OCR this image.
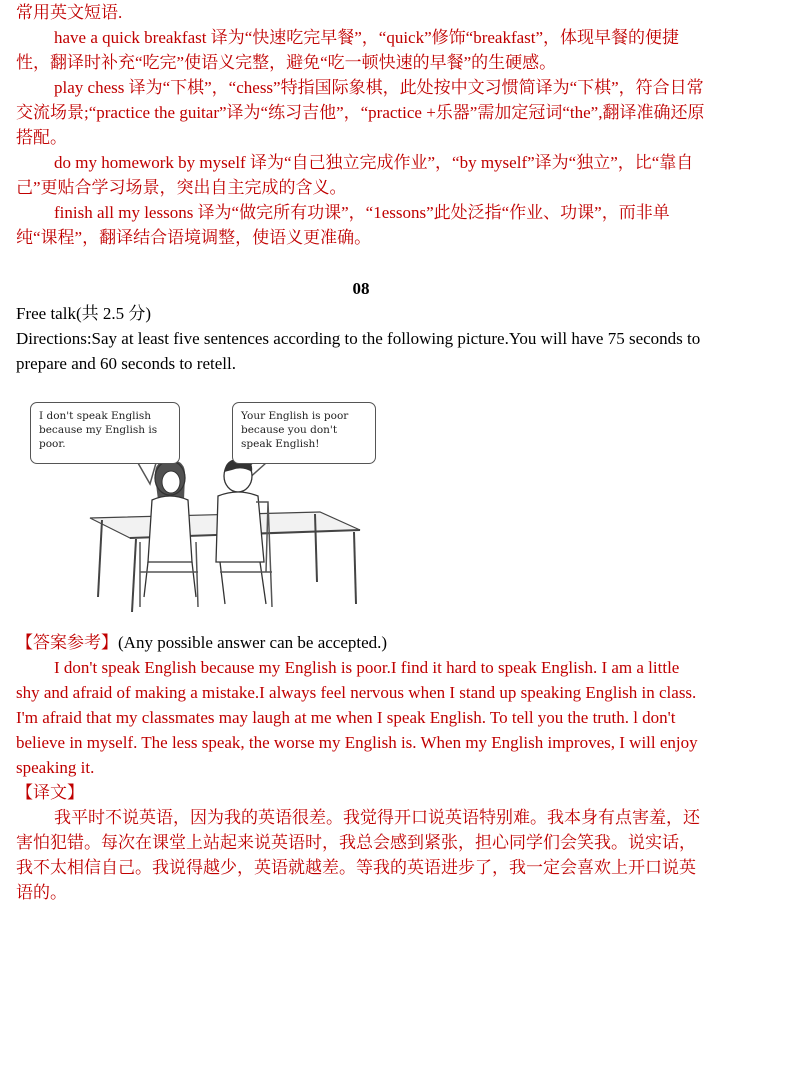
常用英文短语.

have a quick breakfast 译为“快速吃完早餐”，“quick”修饰“breakfast”，体现早餐的便捷性，翻译时补充“吃完”使语义完整，避免“吃一顿快速的早餐”的生硬感。

play chess 译为“下棋”，“chess”特指国际象棋，此处按中文习惯简译为“下棋”，符合日常交流场景;“practice the guitar”译为“练习吉他”，“practice +乐器”需加定冠词“the”,翻译准确还原搭配。

do my homework by myself 译为“自己独立完成作业”，“by myself”译为“独立”，比“靠自己”更贴合学习场景，突出自主完成的含义。

finish all my lessons 译为“做完所有功课”，“1essons”此处泛指“作业、功课”，而非单纯“课程”，翻译结合语境调整，使语义更准确。

08

Free talk(共 2.5 分)

Directions:Say at least five sentences according to the following picture.You will have 75 seconds to prepare and 60 seconds to retell.

I don't speak English because my English is poor.
Your English is poor because you don't speak English!

【答案参考】(Any possible answer can be accepted.)

I don't speak English because my English is poor.I find it hard to speak English. I am a little shy and afraid of making a mistake.I always feel nervous when I stand up speaking English in class. I'm afraid that my classmates may laugh at me when I speak English. To tell you the truth. l don't believe in myself. The less speak, the worse my English is. When my English improves, I will enjoy speaking it.

【译文】

我平时不说英语，因为我的英语很差。我觉得开口说英语特别难。我本身有点害羞，还害怕犯错。每次在课堂上站起来说英语时，我总会感到紧张，担心同学们会笑我。说实话，我不太相信自己。我说得越少，英语就越差。等我的英语进步了，我一定会喜欢上开口说英语的。
